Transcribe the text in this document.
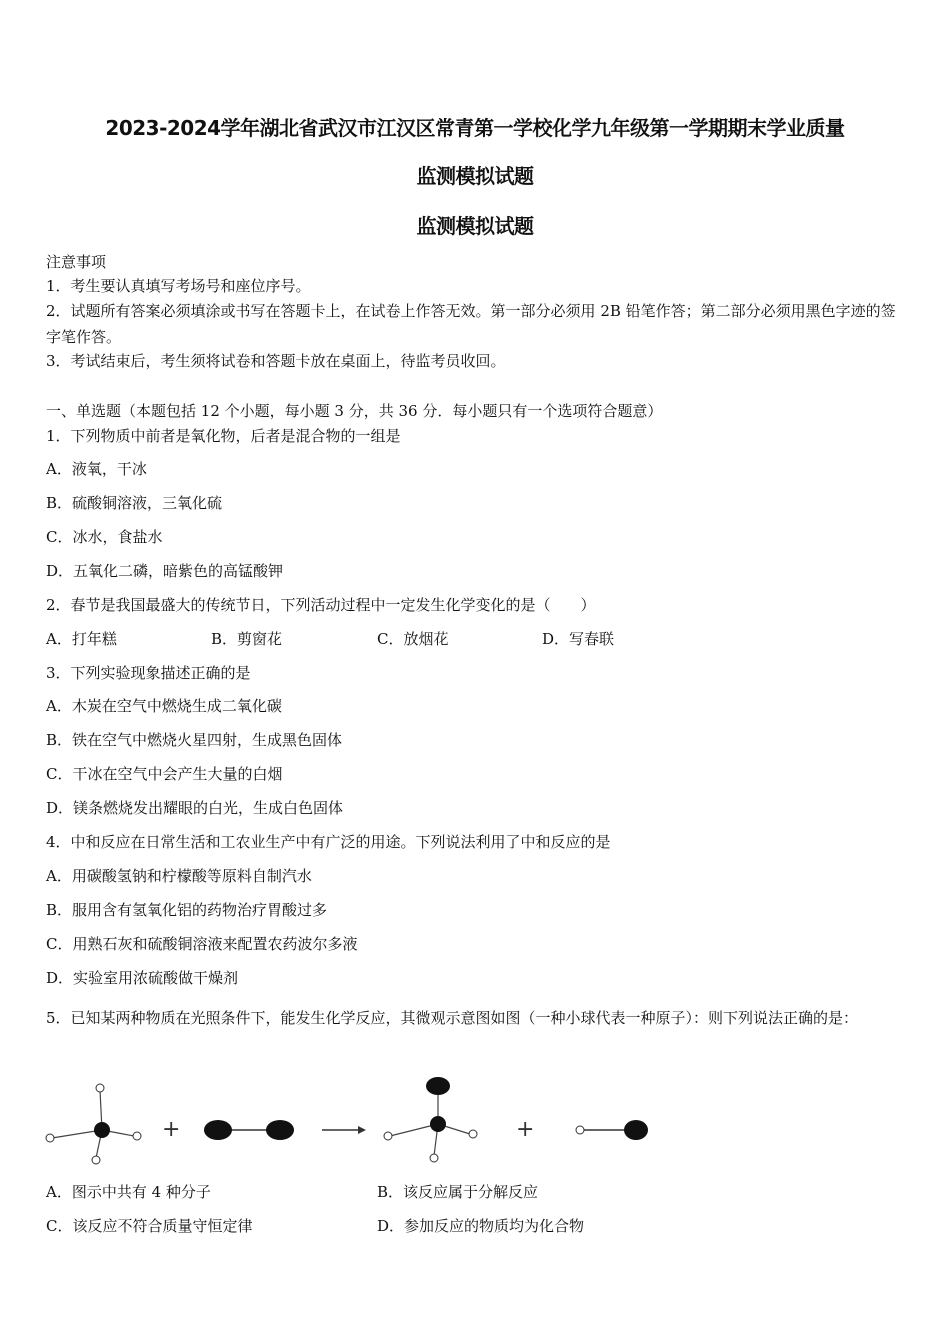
2023-2024学年湖北省武汉市江汉区常青第一学校化学九年级第一学期期末学业质量
监测模拟试题
监测模拟试题
注意事项
1．考生要认真填写考场号和座位序号。
2．试题所有答案必须填涂或书写在答题卡上，在试卷上作答无效。第一部分必须用 2B 铅笔作答；第二部分必须用黑色字迹的签字笔作答。
3．考试结束后，考生须将试卷和答题卡放在桌面上，待监考员收回。
一、单选题（本题包括 12 个小题，每小题 3 分，共 36 分．每小题只有一个选项符合题意）
1．下列物质中前者是氧化物，后者是混合物的一组是
A．液氧，干冰
B．硫酸铜溶液，三氧化硫
C．冰水，食盐水
D．五氧化二磷，暗紫色的高锰酸钾
2．春节是我国最盛大的传统节日，下列活动过程中一定发生化学变化的是（　　）
A．打年糕	B．剪窗花	C．放烟花	D．写春联
3．下列实验现象描述正确的是
A．木炭在空气中燃烧生成二氧化碳
B．铁在空气中燃烧火星四射，生成黑色固体
C．干冰在空气中会产生大量的白烟
D．镁条燃烧发出耀眼的白光，生成白色固体
4．中和反应在日常生活和工农业生产中有广泛的用途。下列说法利用了中和反应的是
A．用碳酸氢钠和柠檬酸等原料自制汽水
B．服用含有氢氧化铝的药物治疗胃酸过多
C．用熟石灰和硫酸铜溶液来配置农药波尔多液
D．实验室用浓硫酸做干燥剂
5．已知某两种物质在光照条件下，能发生化学反应，其微观示意图如图（一种小球代表一种原子）：则下列说法正确的是：
+	+
A．图示中共有 4 种分子	B．该反应属于分解反应
C．该反应不符合质量守恒定律	D．参加反应的物质均为化合物
